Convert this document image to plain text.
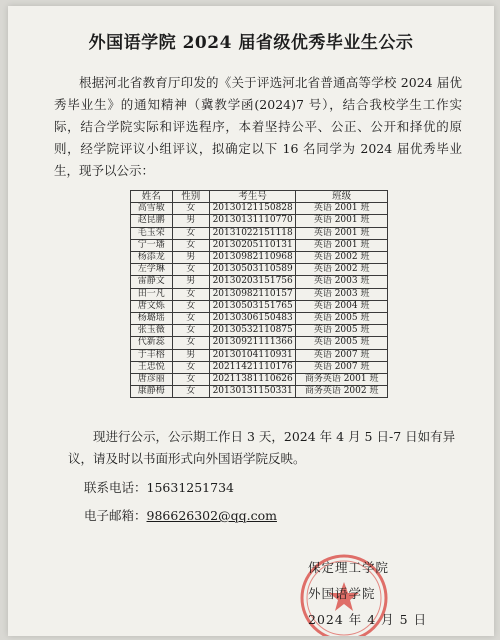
外国语学院 2024 届省级优秀毕业生公示
根据河北省教育厅印发的《关于评选河北省普通高等学校 2024 届优秀毕业生》的通知精神（冀教学函(2024)7 号），结合我校学生工作实际，结合学院实际和评选程序，本着坚持公平、公正、公开和择优的原则，经学院评议小组评议，拟确定以下 16 名同学为 2024 届优秀毕业生，现予以公示：
姓名	性别	考生号	班级
高雪敏	女	20130121150828	英语 2001 班
赵昆鹏	男	20130131110770	英语 2001 班
毛玉荣	女	20131022151118	英语 2001 班
宁一璠	女	20130205110131	英语 2001 班
杨添龙	男	20130982110968	英语 2002 班
左学琳	女	20130503110589	英语 2002 班
雷静文	男	20130203151756	英语 2003 班
田一凡	女	20130982110157	英语 2003 班
唐文烁	女	20130503151765	英语 2004 班
杨璐瑶	女	20130306150483	英语 2005 班
张玉薇	女	20130532110875	英语 2005 班
代新蕊	女	20130921111366	英语 2005 班
于丰榕	男	20130104110931	英语 2007 班
王忠悦	女	20211421110176	英语 2007 班
唐彦丽	女	20211381110626	商务英语 2001 班
康静梅	女	20130131150331	商务英语 2002 班
现进行公示，公示期工作日 3 天，2024 年 4 月 5 日-7 日如有异议，请及时以书面形式向外国语学院反映。
联系电话：15631251734
电子邮箱：986626302@qq.com
保定理工学院
外国语学院
2024 年 4 月 5 日
